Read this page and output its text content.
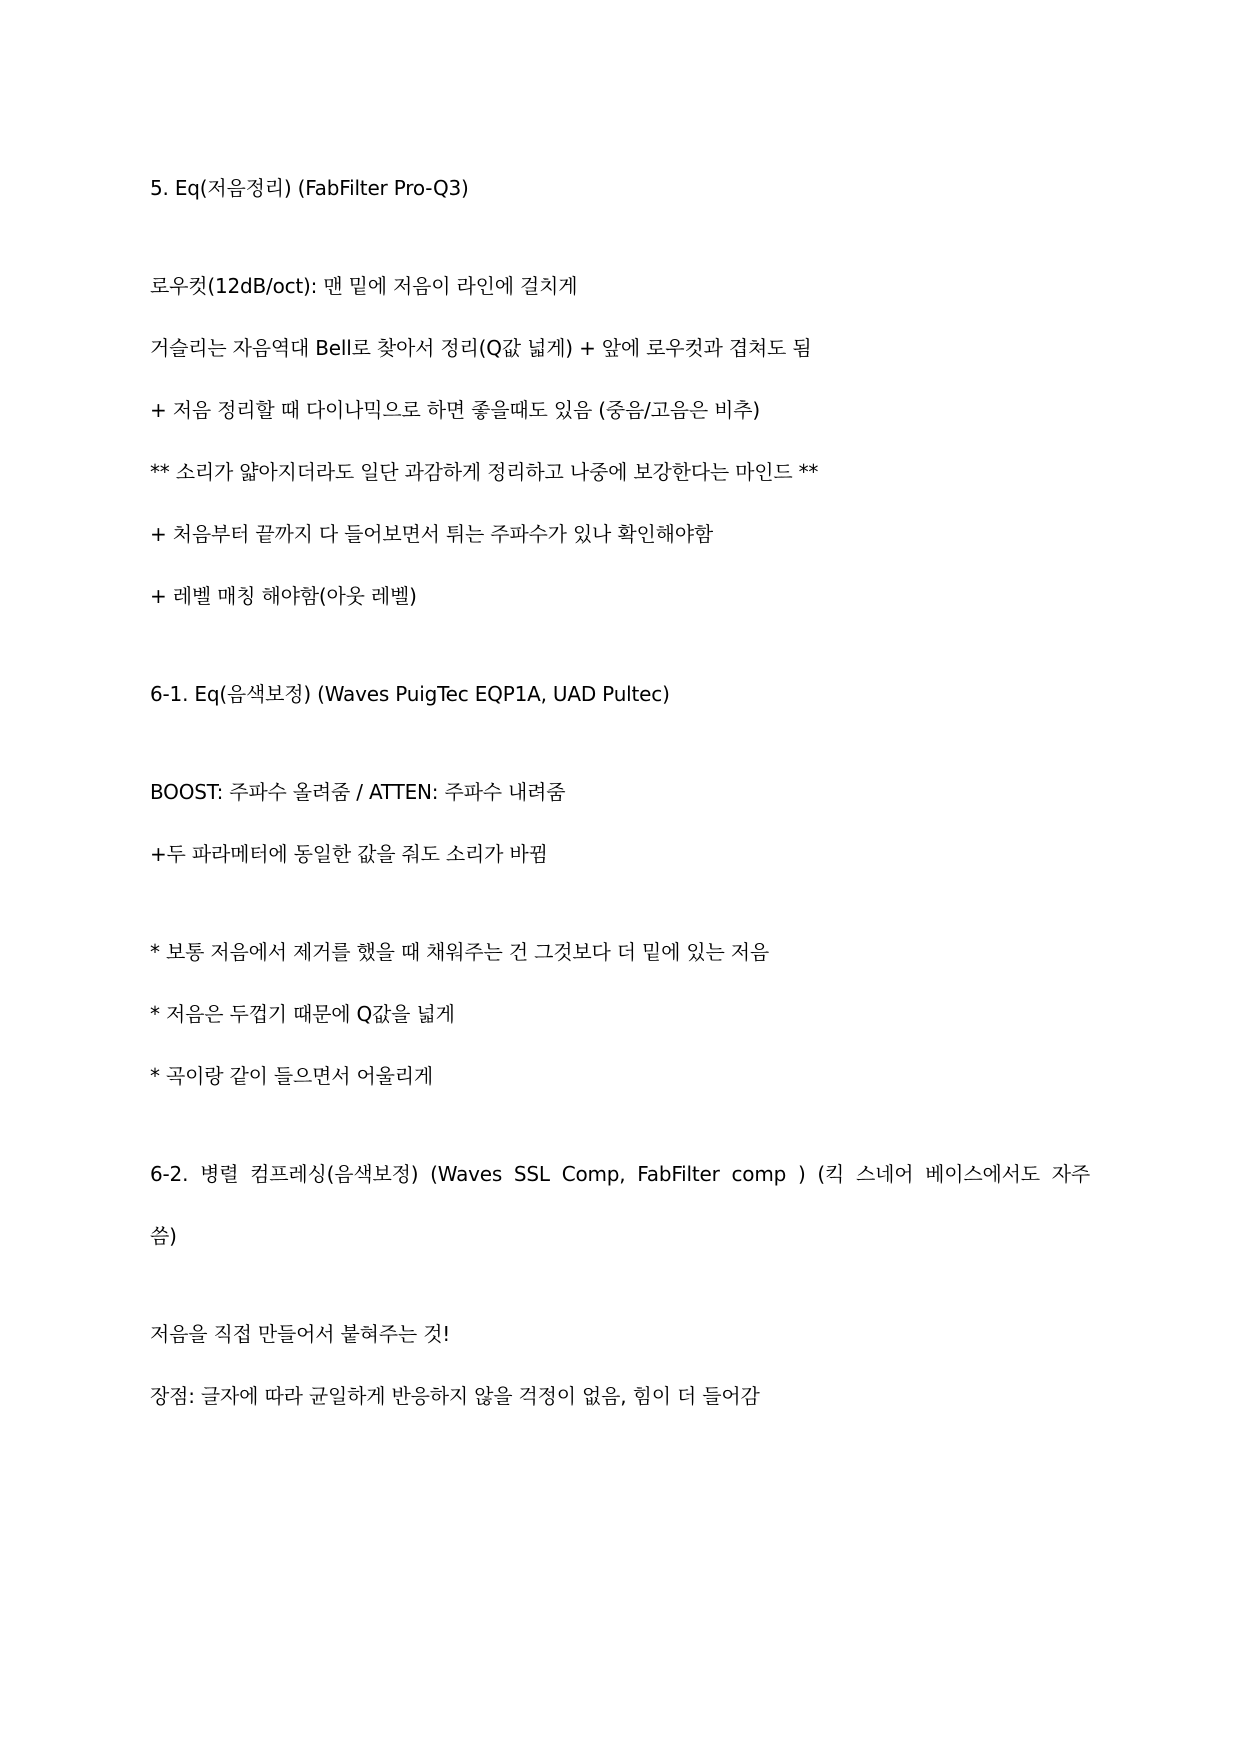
5. Eq(저음정리) (FabFilter Pro-Q3)
로우컷(12dB/oct): 맨 밑에 저음이 라인에 걸치게
거슬리는 자음역대 Bell로 찾아서 정리(Q값 넓게) + 앞에 로우컷과 겹쳐도 됨
+ 저음 정리할 때 다이나믹으로 하면 좋을때도 있음 (중음/고음은 비추)
** 소리가 얇아지더라도 일단 과감하게 정리하고 나중에 보강한다는 마인드 **
+ 처음부터 끝까지 다 들어보면서 튀는 주파수가 있나 확인해야함
+ 레벨 매칭 해야함(아웃 레벨)
6-1. Eq(음색보정) (Waves PuigTec EQP1A, UAD Pultec)
BOOST: 주파수 올려줌 / ATTEN: 주파수 내려줌
+두 파라메터에 동일한 값을 줘도 소리가 바뀜
* 보통 저음에서 제거를 했을 때 채워주는 건 그것보다 더 밑에 있는 저음
* 저음은 두껍기 때문에 Q값을 넓게
* 곡이랑 같이 들으면서 어울리게
6-2. 병렬 컴프레싱(음색보정) (Waves SSL Comp, FabFilter comp ) (킥 스네어 베이스에서도 자주
씀)
저음을 직접 만들어서 붙혀주는 것!
장점: 글자에 따라 균일하게 반응하지 않을 걱정이 없음, 힘이 더 들어감
